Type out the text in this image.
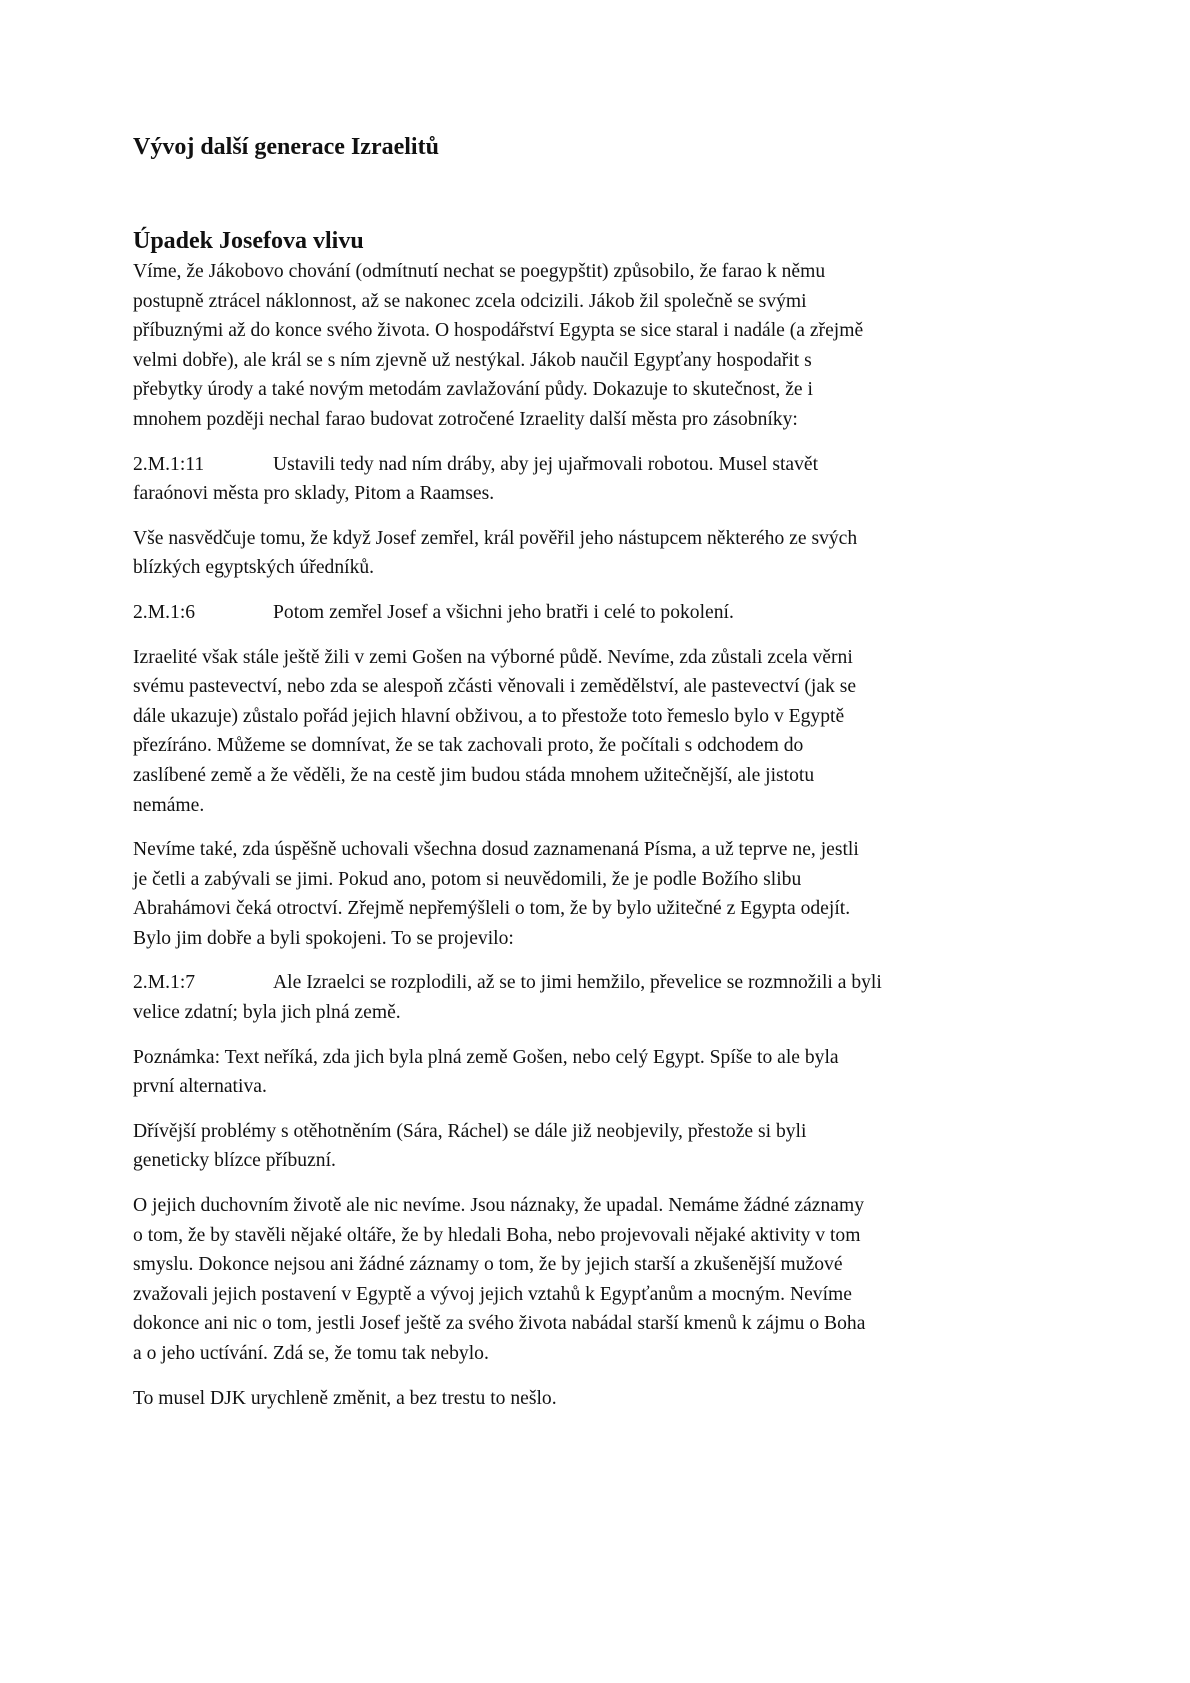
Vývoj další generace Izraelitů
Úpadek Josefova vlivu

Víme, že Jákobovo chování (odmítnutí nechat se poegypštit) způsobilo, že farao k němu
postupně ztrácel náklonnost, až se nakonec zcela odcizili. Jákob žil společně se svými
příbuznými až do konce svého života. O hospodářství Egypta se sice staral i nadále (a zřejmě
velmi dobře), ale král se s ním zjevně už nestýkal. Jákob naučil Egypťany hospodařit s
přebytky úrody a také novým metodám zavlažování půdy. Dokazuje to skutečnost, že i
mnohem později nechal farao budovat zotročené Izraelity další města pro zásobníky:

2.M.1:11	Ustavili tedy nad ním dráby, aby jej ujařmovali robotou. Musel stavět
faraónovi města pro sklady, Pitom a Raamses.

Vše nasvědčuje tomu, že když Josef zemřel, král pověřil jeho nástupcem některého ze svých
blízkých egyptských úředníků.

2.M.1:6	Potom zemřel Josef a všichni jeho bratři i celé to pokolení.

Izraelité však stále ještě žili v zemi Gošen na výborné půdě. Nevíme, zda zůstali zcela věrni
svému pastevectví, nebo zda se alespoň zčásti věnovali i zemědělství, ale pastevectví (jak se
dále ukazuje) zůstalo pořád jejich hlavní obživou, a to přestože toto řemeslo bylo v Egyptě
přezíráno. Můžeme se domnívat, že se tak zachovali proto, že počítali s odchodem do
zaslíbené země a že věděli, že na cestě jim budou stáda mnohem užitečnější, ale jistotu
nemáme.

Nevíme také, zda úspěšně uchovali všechna dosud zaznamenaná Písma, a už teprve ne, jestli
je četli a zabývali se jimi. Pokud ano, potom si neuvědomili, že je podle Božího slibu
Abrahámovi čeká otroctví. Zřejmě nepřemýšleli o tom, že by bylo užitečné z Egypta odejít.
Bylo jim dobře a byli spokojeni. To se projevilo:

2.M.1:7	Ale Izraelci se rozplodili, až se to jimi hemžilo, převelice se rozmnožili a byli
velice zdatní; byla jich plná země.

Poznámka: Text neříká, zda jich byla plná země Gošen, nebo celý Egypt. Spíše to ale byla
první alternativa.

Dřívější problémy s otěhotněním (Sára, Ráchel) se dále již neobjevily, přestože si byli
geneticky blízce příbuzní.

O jejich duchovním životě ale nic nevíme. Jsou náznaky, že upadal. Nemáme žádné záznamy
o tom, že by stavěli nějaké oltáře, že by hledali Boha, nebo projevovali nějaké aktivity v tom
smyslu. Dokonce nejsou ani žádné záznamy o tom, že by jejich starší a zkušenější mužové
zvažovali jejich postavení v Egyptě a vývoj jejich vztahů k Egypťanům a mocným. Nevíme
dokonce ani nic o tom, jestli Josef ještě za svého života nabádal starší kmenů k zájmu o Boha
a o jeho uctívání. Zdá se, že tomu tak nebylo.

To musel DJK urychleně změnit, a bez trestu to nešlo.
